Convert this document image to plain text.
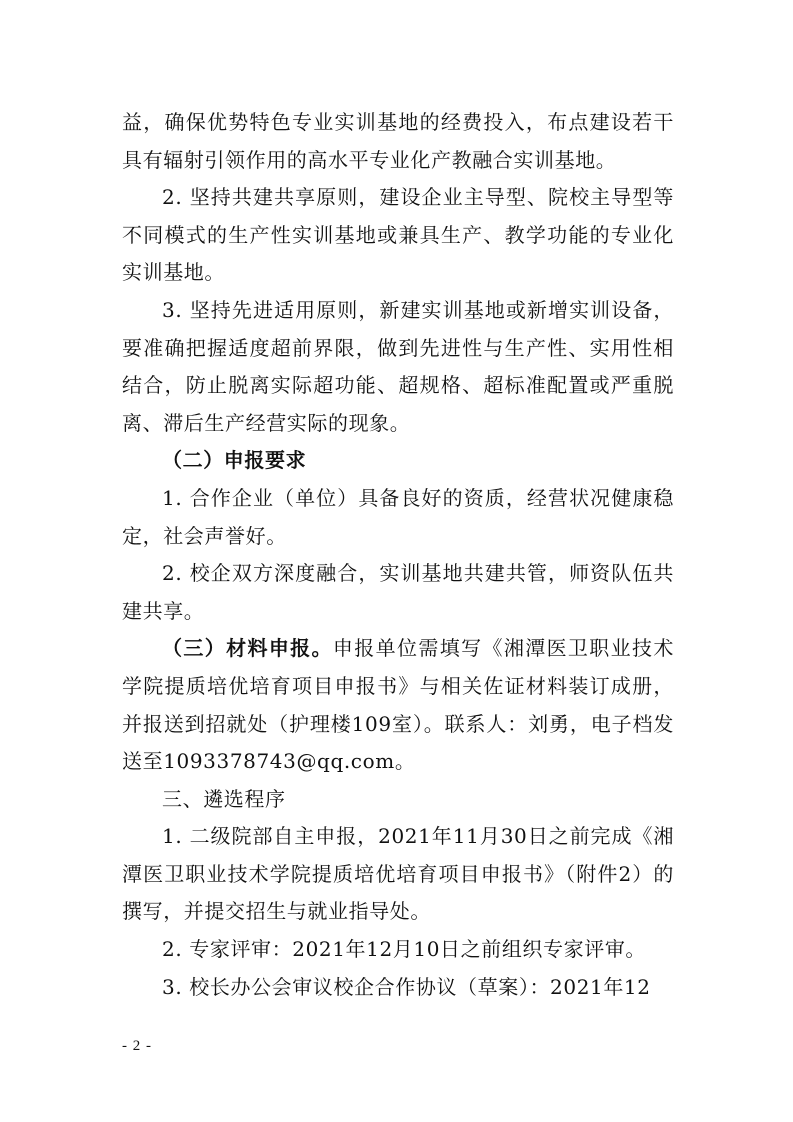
益，确保优势特色专业实训基地的经费投入，布点建设若干具有辐射引领作用的高水平专业化产教融合实训基地。

2. 坚持共建共享原则，建设企业主导型、院校主导型等不同模式的生产性实训基地或兼具生产、教学功能的专业化实训基地。

3. 坚持先进适用原则，新建实训基地或新增实训设备，要准确把握适度超前界限，做到先进性与生产性、实用性相结合，防止脱离实际超功能、超规格、超标准配置或严重脱离、滞后生产经营实际的现象。

（二）申报要求

1. 合作企业（单位）具备良好的资质，经营状况健康稳定，社会声誉好。

2. 校企双方深度融合，实训基地共建共管，师资队伍共建共享。

（三）材料申报。申报单位需填写《湘潭医卫职业技术学院提质培优培育项目申报书》与相关佐证材料装订成册，并报送到招就处（护理楼109室）。联系人：刘勇，电子档发送至1093378743@qq.com。

三、遴选程序

1. 二级院部自主申报，2021年11月30日之前完成《湘潭医卫职业技术学院提质培优培育项目申报书》（附件2）的撰写，并提交招生与就业指导处。

2. 专家评审：2021年12月10日之前组织专家评审。

3. 校长办公会审议校企合作协议（草案）：2021年12

- 2 -
